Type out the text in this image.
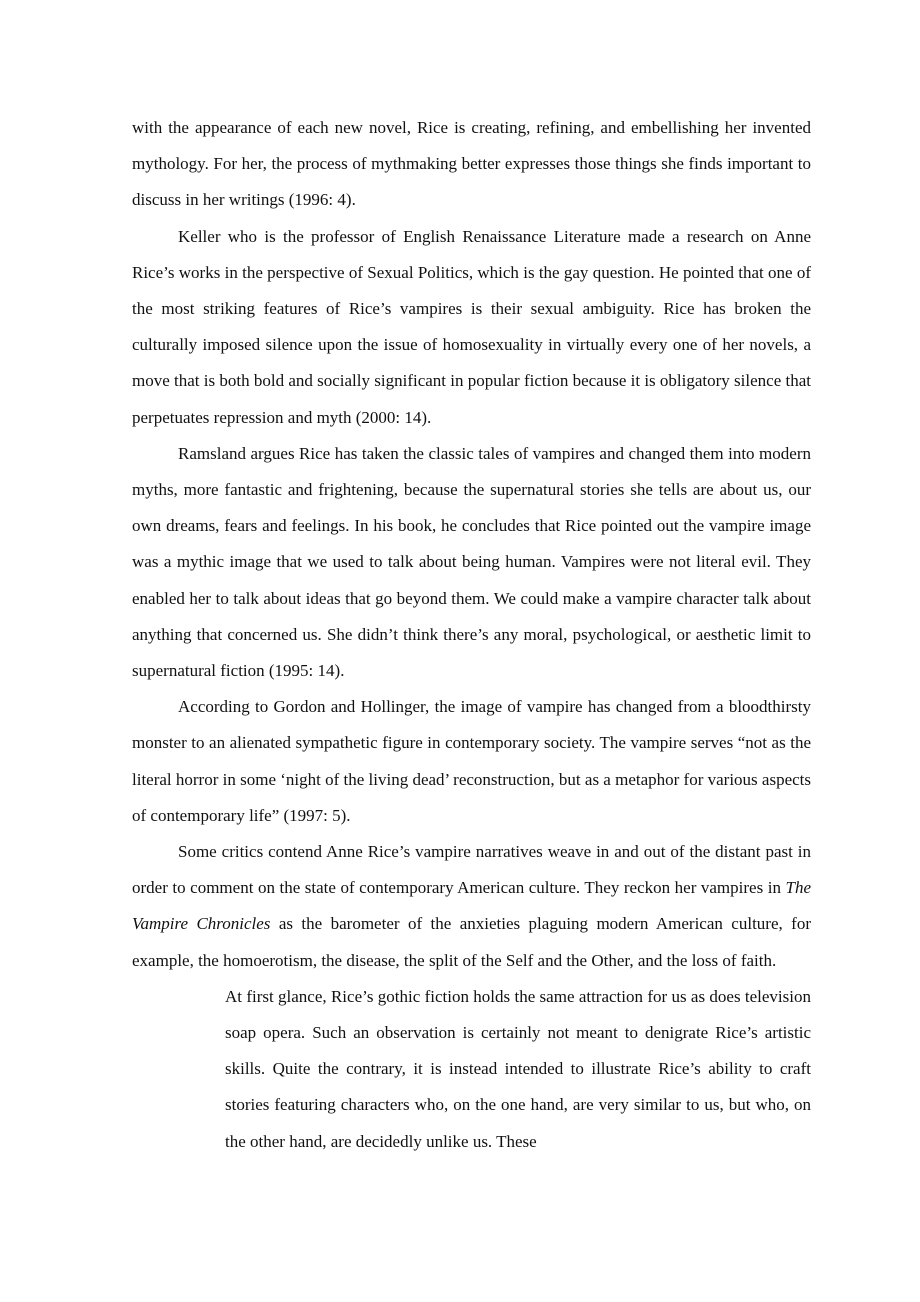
with the appearance of each new novel, Rice is creating, refining, and embellishing her invented mythology. For her, the process of mythmaking better expresses those things she finds important to discuss in her writings (1996: 4).

Keller who is the professor of English Renaissance Literature made a research on Anne Rice’s works in the perspective of Sexual Politics, which is the gay question. He pointed that one of the most striking features of Rice’s vampires is their sexual ambiguity. Rice has broken the culturally imposed silence upon the issue of homosexuality in virtually every one of her novels, a move that is both bold and socially significant in popular fiction because it is obligatory silence that perpetuates repression and myth (2000: 14).

Ramsland argues Rice has taken the classic tales of vampires and changed them into modern myths, more fantastic and frightening, because the supernatural stories she tells are about us, our own dreams, fears and feelings. In his book, he concludes that Rice pointed out the vampire image was a mythic image that we used to talk about being human. Vampires were not literal evil. They enabled her to talk about ideas that go beyond them. We could make a vampire character talk about anything that concerned us. She didn’t think there’s any moral, psychological, or aesthetic limit to supernatural fiction (1995: 14).

According to Gordon and Hollinger, the image of vampire has changed from a bloodthirsty monster to an alienated sympathetic figure in contemporary society. The vampire serves “not as the literal horror in some ‘night of the living dead’ reconstruction, but as a metaphor for various aspects of contemporary life” (1997: 5).

Some critics contend Anne Rice’s vampire narratives weave in and out of the distant past in order to comment on the state of contemporary American culture. They reckon her vampires in The Vampire Chronicles as the barometer of the anxieties plaguing modern American culture, for example, the homoerotism, the disease, the split of the Self and the Other, and the loss of faith.

At first glance, Rice’s gothic fiction holds the same attraction for us as does television soap opera. Such an observation is certainly not meant to denigrate Rice’s artistic skills. Quite the contrary, it is instead intended to illustrate Rice’s ability to craft stories featuring characters who, on the one hand, are very similar to us, but who, on the other hand, are decidedly unlike us. These
